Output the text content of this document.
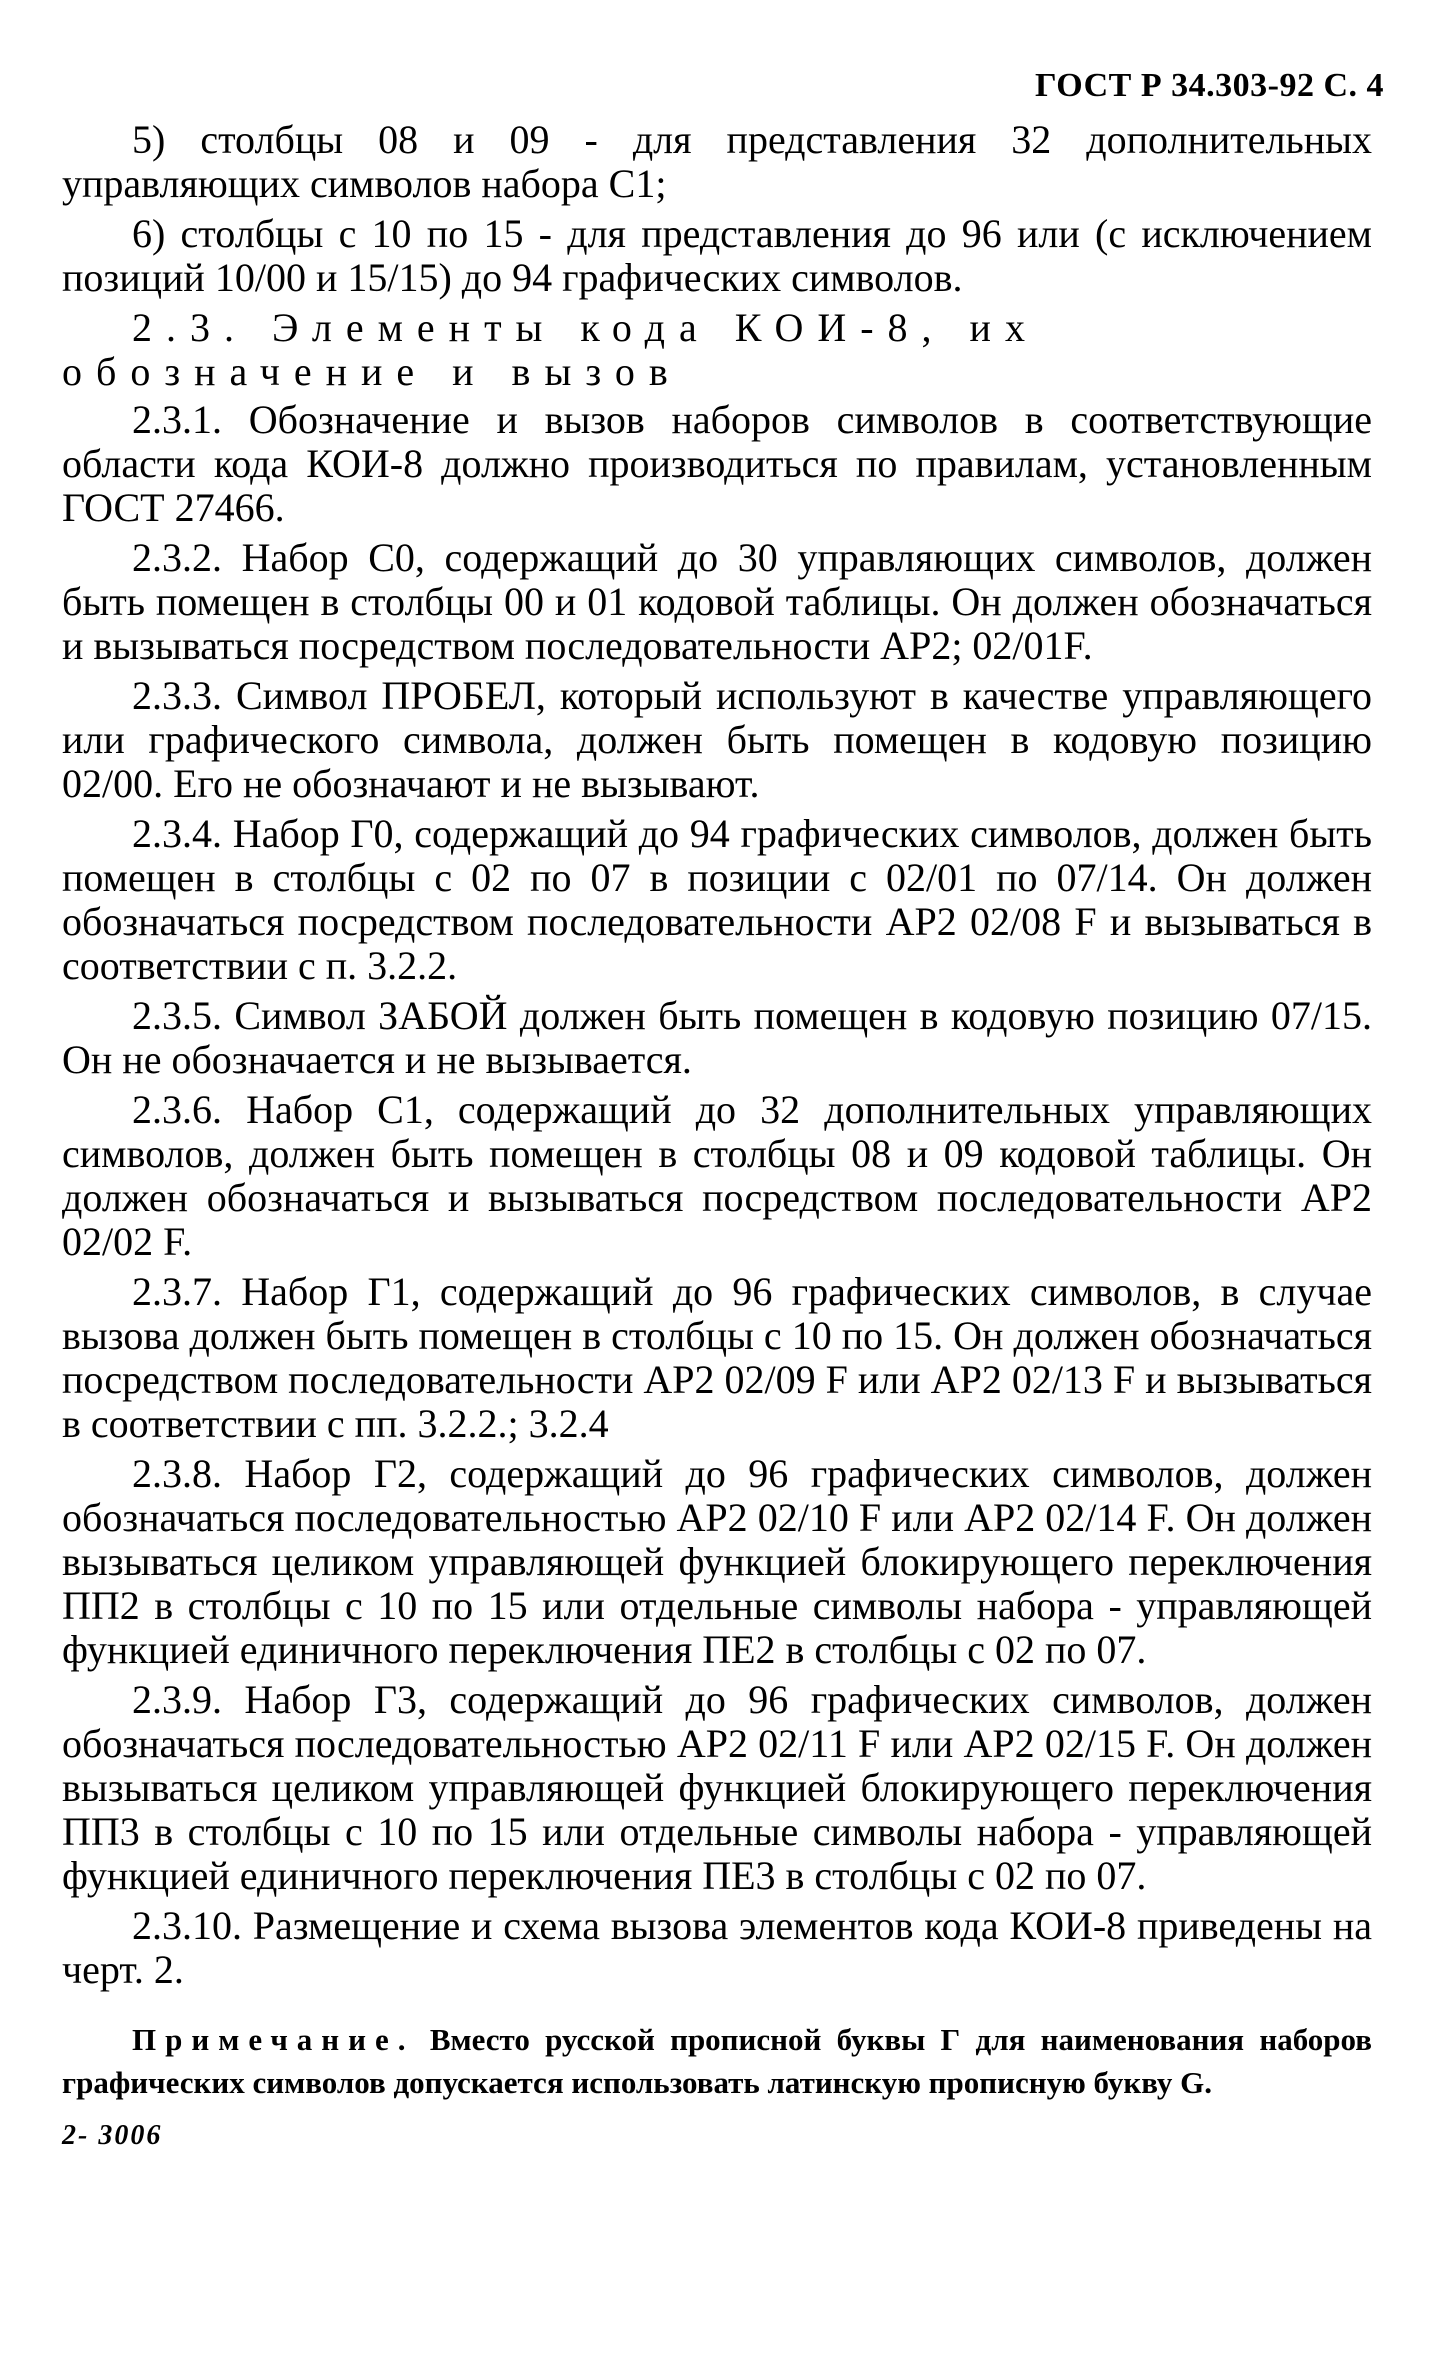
ГОСТ Р 34.303-92 С. 4

5) столбцы 08 и 09 - для представления 32 дополнительных управляющих символов набора С1;

6) столбцы с 10 по 15 - для представления до 96 или (с исключением позиций 10/00 и 15/15) до 94 графических символов.

2.3. Элементы кода КОИ-8, их обозначение и вызов

2.3.1. Обозначение и вызов наборов символов в соответствующие области кода КОИ-8 должно производиться по правилам, установленным ГОСТ 27466.

2.3.2. Набор С0, содержащий до 30 управляющих символов, должен быть помещен в столбцы 00 и 01 кодовой таблицы. Он должен обозначаться и вызываться посредством последовательности АР2; 02/01F.

2.3.3. Символ ПРОБЕЛ, который используют в качестве управляющего или графического символа, должен быть помещен в кодовую позицию 02/00. Его не обозначают и не вызывают.

2.3.4. Набор Г0, содержащий до 94 графических символов, должен быть помещен в столбцы с 02 по 07 в позиции с 02/01 по 07/14. Он должен обозначаться посредством последовательности АР2 02/08 F и вызываться в соответствии с п. 3.2.2.

2.3.5. Символ ЗАБОЙ должен быть помещен в кодовую позицию 07/15. Он не обозначается и не вызывается.

2.3.6. Набор С1, содержащий до 32 дополнительных управляющих символов, должен быть помещен в столбцы 08 и 09 кодовой таблицы. Он должен обозначаться и вызываться посредством последовательности АР2 02/02 F.

2.3.7. Набор Г1, содержащий до 96 графических символов, в случае вызова должен быть помещен в столбцы с 10 по 15. Он должен обозначаться посредством последовательности АР2 02/09 F или АР2 02/13 F и вызываться в соответствии с пп. 3.2.2.; 3.2.4

2.3.8. Набор Г2, содержащий до 96 графических символов, должен обозначаться последовательностью АР2 02/10 F или АР2 02/14 F. Он должен вызываться целиком управляющей функцией блокирующего переключения ПП2 в столбцы с 10 по 15 или отдельные символы набора - управляющей функцией единичного переключения ПЕ2 в столбцы с 02 по 07.

2.3.9. Набор Г3, содержащий до 96 графических символов, должен обозначаться последовательностью АР2 02/11 F или АР2 02/15 F. Он должен вызываться целиком управляющей функцией блокирующего переключения ПП3 в столбцы с 10 по 15 или отдельные символы набора - управляющей функцией единичного переключения ПЕ3 в столбцы с 02 по 07.

2.3.10. Размещение и схема вызова элементов кода КОИ-8 приведены на черт. 2.

Примечание. Вместо русской прописной буквы Г для наименования наборов графических символов допускается использовать латинскую прописную букву G.
2- 3006
